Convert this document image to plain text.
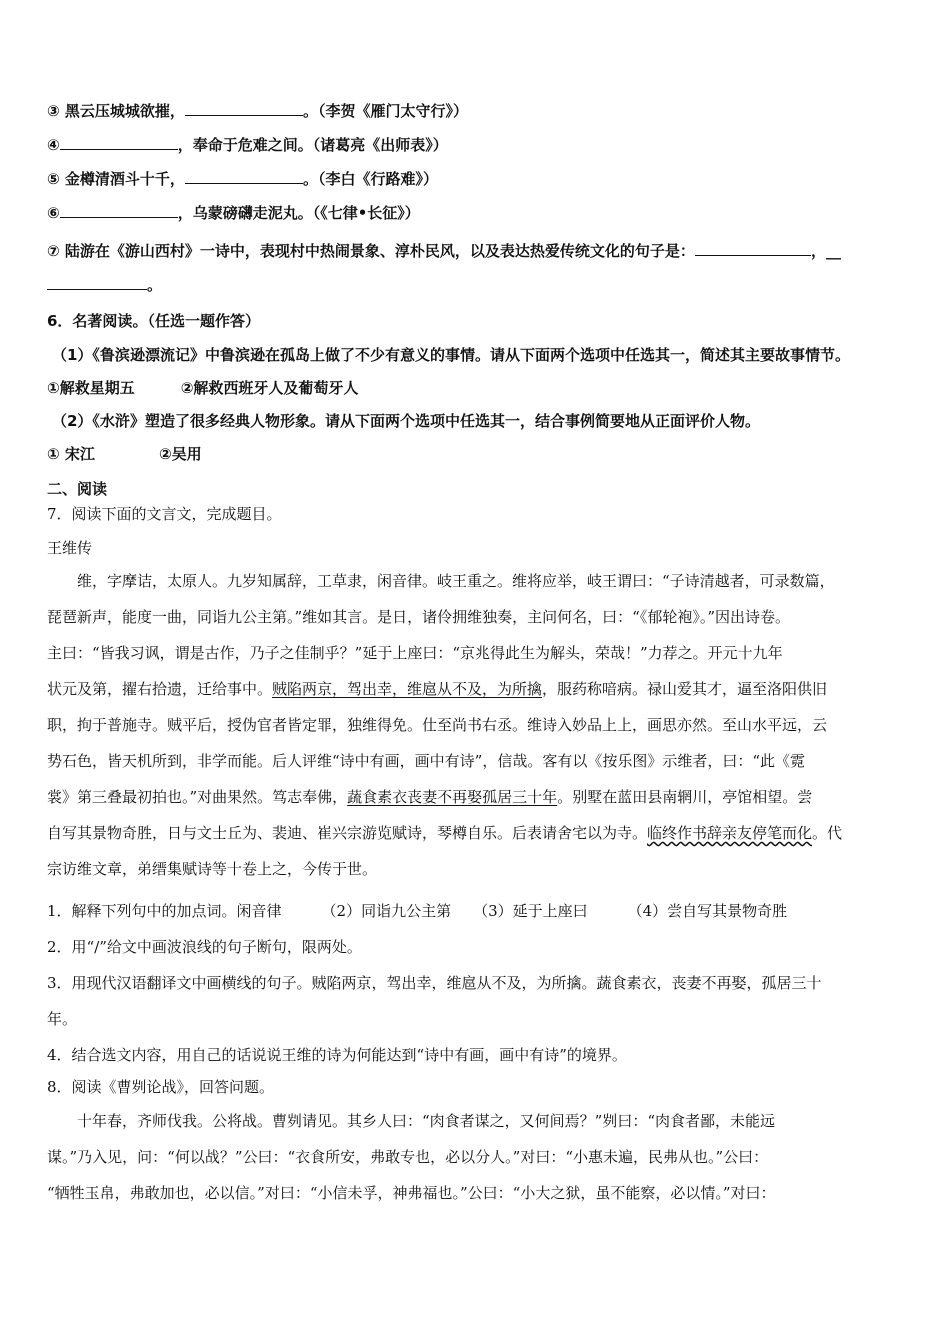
③ 黑云压城城欲摧，	。（李贺《雁门太守行》）
④	，奉命于危难之间。（诸葛亮《出师表》）
⑤ 金樽清酒斗十千，	。（李白《行路难》）
⑥	，乌蒙磅礴走泥丸。（《七律•长征》）
⑦ 陆游在《游山西村》一诗中，表现村中热闹景象、淳朴民风，以及表达热爱传统文化的句子是：	，__
。
6．名著阅读。（任选一题作答）
（1）《鲁滨逊漂流记》中鲁滨逊在孤岛上做了不少有意义的事情。请从下面两个选项中任选其一，简述其主要故事情节。
①解救星期五	②解救西班牙人及葡萄牙人
（2）《水浒》塑造了很多经典人物形象。请从下面两个选项中任选其一，结合事例简要地从正面评价人物。
① 宋江	②吴用
二、阅读
7．阅读下面的文言文，完成题目。
王维传
维，字摩诘，太原人。九岁知属辞，工草隶，闲音律。岐王重之。维将应举，岐王谓曰：“子诗清越者，可录数篇，
琵琶新声，能度一曲，同诣九公主第。”维如其言。是日，诸伶拥维独奏，主问何名，曰：“《郁轮袍》。”因出诗卷。
主曰：“皆我习讽，谓是古作，乃子之佳制乎？”延于上座曰：“京兆得此生为解头，荣哉！”力荐之。开元十九年
状元及第，擢右拾遗，迁给事中。贼陷两京，驾出幸，维扈从不及，为所擒，服药称喑病。禄山爱其才，逼至洛阳供旧
职，拘于普施寺。贼平后，授伪官者皆定罪，独维得免。仕至尚书右丞。维诗入妙品上上，画思亦然。至山水平远，云
势石色，皆天机所到，非学而能。后人评维“诗中有画，画中有诗”，信哉。客有以《按乐图》示维者，曰：“此《霓
裳》第三叠最初拍也。”对曲果然。笃志奉佛，蔬食素衣丧妻不再娶孤居三十年。别墅在蓝田县南辋川，亭馆相望。尝
自写其景物奇胜，日与文士丘为、裴迪、崔兴宗游览赋诗，琴樽自乐。后表请舍宅以为寺。临终作书辞亲友停笔而化。代
宗访维文章，弟缙集赋诗等十卷上之，今传于世。
1．解释下列句中的加点词。闲音律	（2）同诣九公主第 （3）延于上座曰	（4）尝自写其景物奇胜
2．用“/”给文中画波浪线的句子断句，限两处。
3．用现代汉语翻译文中画横线的句子。贼陷两京，驾出幸，维扈从不及，为所擒。蔬食素衣，丧妻不再娶，孤居三十
年。
4．结合选文内容，用自己的话说说王维的诗为何能达到“诗中有画，画中有诗”的境界。
8．阅读《曹刿论战》，回答问题。
十年春，齐师伐我。公将战。曹刿请见。其乡人曰：“肉食者谋之，又何间焉？”刿曰：“肉食者鄙，未能远
谋。”乃入见，问：“何以战？”公曰：“衣食所安，弗敢专也，必以分人。”对曰：“小惠未遍，民弗从也。”公曰：
“牺牲玉帛，弗敢加也，必以信。”对曰：“小信未孚，神弗福也。”公曰：“小大之狱，虽不能察，必以情。”对曰：
